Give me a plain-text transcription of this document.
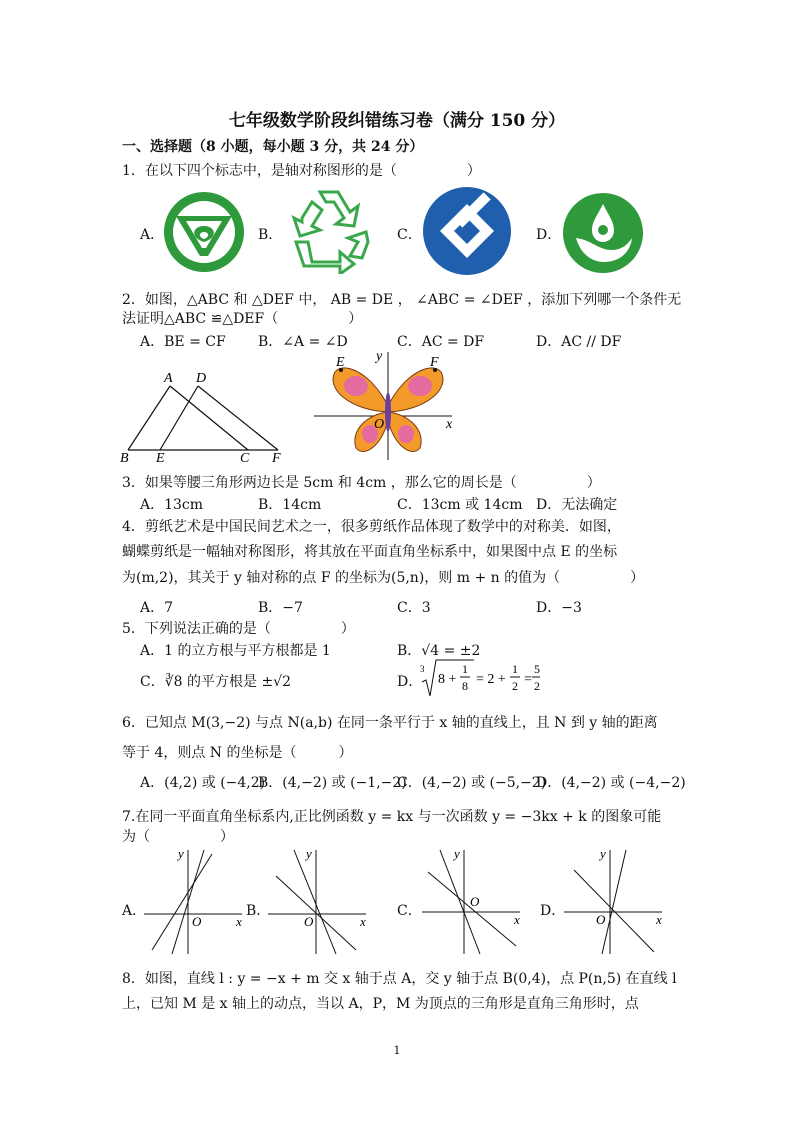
七年级数学阶段纠错练习卷（满分 150 分）
一、选择题（8 小题，每小题 3 分，共 24 分）
1．在以下四个标志中，是轴对称图形的是（　　　　　）
A．	B．	C．	D．
2．如图，△ABC 和 △DEF 中， AB = DE ， ∠ABC = ∠DEF ，添加下列哪一个条件无
法证明△ABC ≌△DEF（　　　　　）
A．BE = CF B．∠A = ∠D	C．AC = DF	D．AC // DF
A D
B E	C F
E	F
y
x
O
3．如果等腰三角形两边长是 5cm 和 4cm ，那么它的周长是（　　　　　）
A．13cm	B．14cm	C．13cm 或 14cm D．无法确定
4．剪纸艺术是中国民间艺术之一，很多剪纸作品体现了数学中的对称美．如图，
蝴蝶剪纸是一幅轴对称图形，将其放在平面直角坐标系中，如果图中点 E 的坐标
为(m,2)，其关于 y 轴对称的点 F 的坐标为(5,n)，则 m + n 的值为（　　　　　）
A．7	B．−7	C．3	D．−3
5．下列说法正确的是（　　　　　）
A．1 的立方根与平方根都是 1	B．√4 = ±2
C．∛8 的平方根是 ±√2	D．
3
8 +
1
8 = 2 +
1
2 =
5
2
6．已知点 M(3,−2) 与点 N(a,b) 在同一条平行于 x 轴的直线上，且 N 到 y 轴的距离
等于 4，则点 N 的坐标是（　　　）
A．(4,2) 或 (−4,2)
B．(4,−2) 或 (−1,−2)
C．(4,−2) 或 (−5,−2)
D．(4,−2) 或 (−4,−2)
7.在同一平面直角坐标系内,正比例函数 y = kx 与一次函数 y = −3kx + k 的图象可能
为（　　　　　）
A．	B．	C．	D．
y
x
O
y
x
O
y
x
O
y
x
O
8．如图，直线 l : y = −x + m 交 x 轴于点 A，交 y 轴于点 B(0,4)，点 P(n,5) 在直线 l
上，已知 M 是 x 轴上的动点，当以 A，P，M 为顶点的三角形是直角三角形时，点
1
